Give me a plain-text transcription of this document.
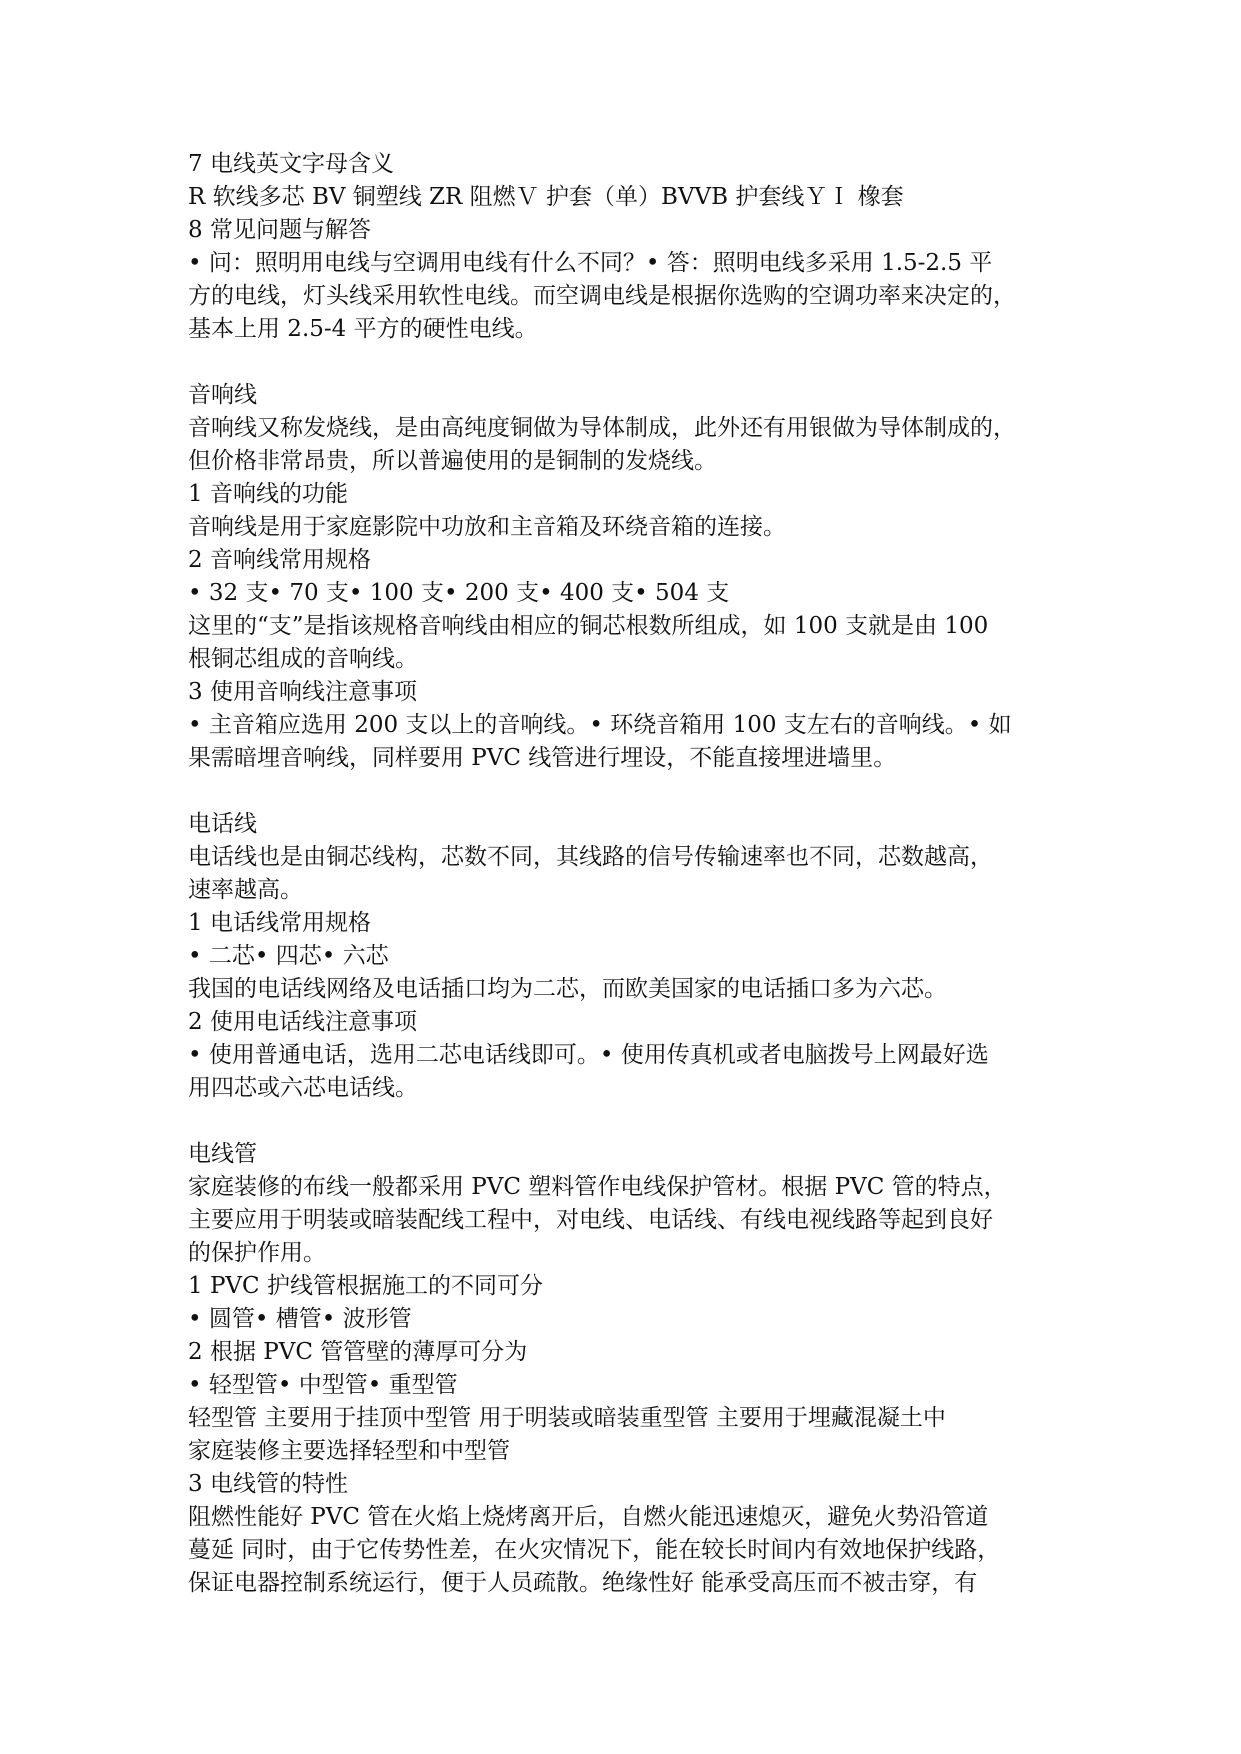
7 电线英文字母含义
R 软线多芯 BV 铜塑线 ZR 阻燃Ｖ 护套（单）BVVB 护套线ＹＩ 橡套
8 常见问题与解答
• 问：照明用电线与空调用电线有什么不同？• 答：照明电线多采用 1.5-2.5 平
方的电线，灯头线采用软性电线。而空调电线是根据你选购的空调功率来决定的，
基本上用 2.5-4 平方的硬性电线。
音响线
音响线又称发烧线，是由高纯度铜做为导体制成，此外还有用银做为导体制成的，
但价格非常昂贵，所以普遍使用的是铜制的发烧线。
1 音响线的功能
音响线是用于家庭影院中功放和主音箱及环绕音箱的连接。
2 音响线常用规格
• 32 支• 70 支• 100 支• 200 支• 400 支• 504 支
这里的“支”是指该规格音响线由相应的铜芯根数所组成，如 100 支就是由 100
根铜芯组成的音响线。
3 使用音响线注意事项
• 主音箱应选用 200 支以上的音响线。• 环绕音箱用 100 支左右的音响线。• 如
果需暗埋音响线，同样要用 PVC 线管进行埋设，不能直接埋进墙里。
电话线
电话线也是由铜芯线构，芯数不同，其线路的信号传输速率也不同，芯数越高，
速率越高。
1 电话线常用规格
• 二芯• 四芯• 六芯
我国的电话线网络及电话插口均为二芯，而欧美国家的电话插口多为六芯。
2 使用电话线注意事项
• 使用普通电话，选用二芯电话线即可。• 使用传真机或者电脑拨号上网最好选
用四芯或六芯电话线。
电线管
家庭装修的布线一般都采用 PVC 塑料管作电线保护管材。根据 PVC 管的特点，
主要应用于明装或暗装配线工程中，对电线、电话线、有线电视线路等起到良好
的保护作用。
1 PVC 护线管根据施工的不同可分
• 圆管• 槽管• 波形管
2 根据 PVC 管管壁的薄厚可分为
• 轻型管• 中型管• 重型管
轻型管 主要用于挂顶中型管 用于明装或暗装重型管 主要用于埋藏混凝土中
家庭装修主要选择轻型和中型管
3 电线管的特性
阻燃性能好 PVC 管在火焰上烧烤离开后，自燃火能迅速熄灭，避免火势沿管道
蔓延 同时，由于它传势性差，在火灾情况下，能在较长时间内有效地保护线路，
保证电器控制系统运行，便于人员疏散。绝缘性好 能承受高压而不被击穿，有
